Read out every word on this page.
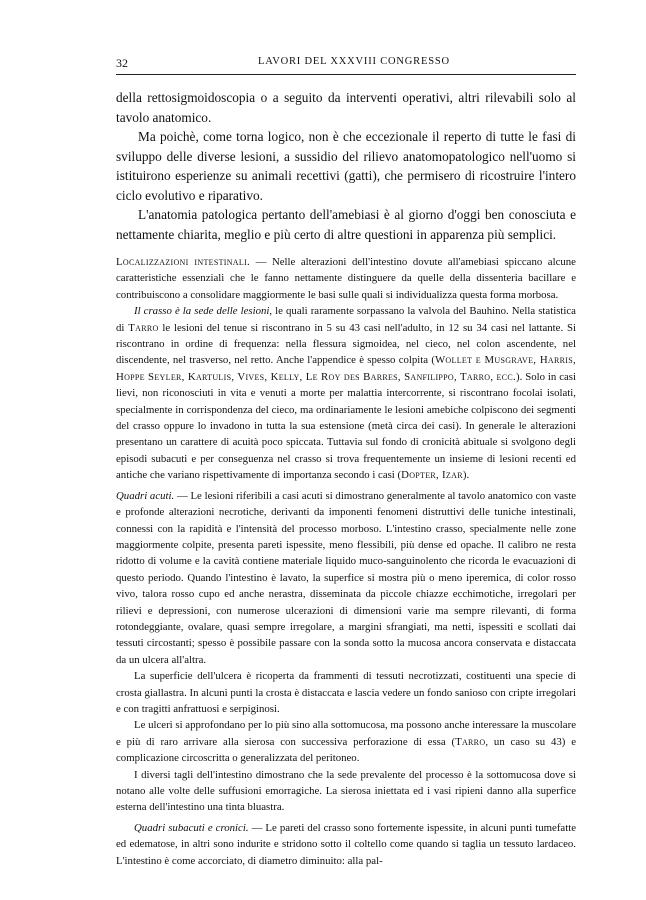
32	LAVORI DEL XXXVIII CONGRESSO

della rettosigmoidoscopia o a seguito da interventi operativi, altri rilevabili solo al tavolo anatomico.

Ma poichè, come torna logico, non è che eccezionale il reperto di tutte le fasi di sviluppo delle diverse lesioni, a sussidio del rilievo anatomopatologico nell'uomo si istituirono esperienze su animali recettivi (gatti), che permisero di ricostruire l'intero ciclo evolutivo e riparativo.

L'anatomia patologica pertanto dell'amebiasi è al giorno d'oggi ben conosciuta e nettamente chiarita, meglio e più certo di altre questioni in apparenza più semplici.

Localizzazioni intestinali. — Nelle alterazioni dell'intestino dovute all'amebiasi spiccano alcune caratteristiche essenziali che le fanno nettamente distinguere da quelle della dissenteria bacillare e contribuiscono a consolidare maggiormente le basi sulle quali si individualizza questa forma morbosa.

Il crasso è la sede delle lesioni, le quali raramente sorpassano la valvola del Bauhino. Nella statistica di Tarro le lesioni del tenue si riscontrano in 5 su 43 casi nell'adulto, in 12 su 34 casi nel lattante. Si riscontrano in ordine di frequenza: nella flessura sigmoidea, nel cieco, nel colon ascendente, nel discendente, nel trasverso, nel retto. Anche l'appendice è spesso colpita (Wollet e Musgrave, Harris, Hoppe Seyler, Kartulis, Vives, Kelly, Le Roy des Barres, Sanfilippo, Tarro, ecc.). Solo in casi lievi, non riconosciuti in vita e venuti a morte per malattia intercorrente, si riscontrano focolai isolati, specialmente in corrispondenza del cieco, ma ordinariamente le lesioni amebiche colpiscono dei segmenti del crasso oppure lo invadono in tutta la sua estensione (metà circa dei casi). In generale le alterazioni presentano un carattere di acuità poco spiccata. Tuttavia sul fondo di cronicità abituale si svolgono degli episodi subacuti e per conseguenza nel crasso si trova frequentemente un insieme di lesioni recenti ed antiche che variano rispettivamente di importanza secondo i casi (Dopter, Izar).

Quadri acuti. — Le lesioni riferibili a casi acuti si dimostrano generalmente al tavolo anatomico con vaste e profonde alterazioni necrotiche, derivanti da imponenti fenomeni distruttivi delle tuniche intestinali, connessi con la rapidità e l'intensità del processo morboso. L'intestino crasso, specialmente nelle zone maggiormente colpite, presenta pareti ispessite, meno flessibili, più dense ed opache. Il calibro ne resta ridotto di volume e la cavità contiene materiale liquido muco-sanguinolento che ricorda le evacuazioni di questo periodo. Quando l'intestino è lavato, la superfice si mostra più o meno iperemica, di color rosso vivo, talora rosso cupo ed anche nerastra, disseminata da piccole chiazze ecchimotiche, irregolari per rilievi e depressioni, con numerose ulcerazioni di dimensioni varie ma sempre rilevanti, di forma rotondeggiante, ovalare, quasi sempre irregolare, a margini sfrangiati, ma netti, ispessiti e scollati dai tessuti circostanti; spesso è possibile passare con la sonda sotto la mucosa ancora conservata e distaccata da un ulcera all'altra.

La superficie dell'ulcera è ricoperta da frammenti di tessuti necrotizzati, costituenti una specie di crosta giallastra. In alcuni punti la crosta è distaccata e lascia vedere un fondo sanioso con cripte irregolari e con tragitti anfrattuosi e serpiginosi.

Le ulceri si approfondano per lo più sino alla sottomucosa, ma possono anche interessare la muscolare e più di raro arrivare alla sierosa con successiva perforazione di essa (Tarro, un caso su 43) e complicazione circoscritta o generalizzata del peritoneo.

I diversi tagli dell'intestino dimostrano che la sede prevalente del processo è la sottomucosa dove si notano alle volte delle suffusioni emorragiche. La sierosa iniettata ed i vasi ripieni danno alla superfice esterna dell'intestino una tinta bluastra.

Quadri subacuti e cronici. — Le pareti del crasso sono fortemente ispessite, in alcuni punti tumefatte ed edematose, in altri sono indurite e stridono sotto il coltello come quando si taglia un tessuto lardaceo. L'intestino è come accorciato, di diametro diminuito: alla pal-
